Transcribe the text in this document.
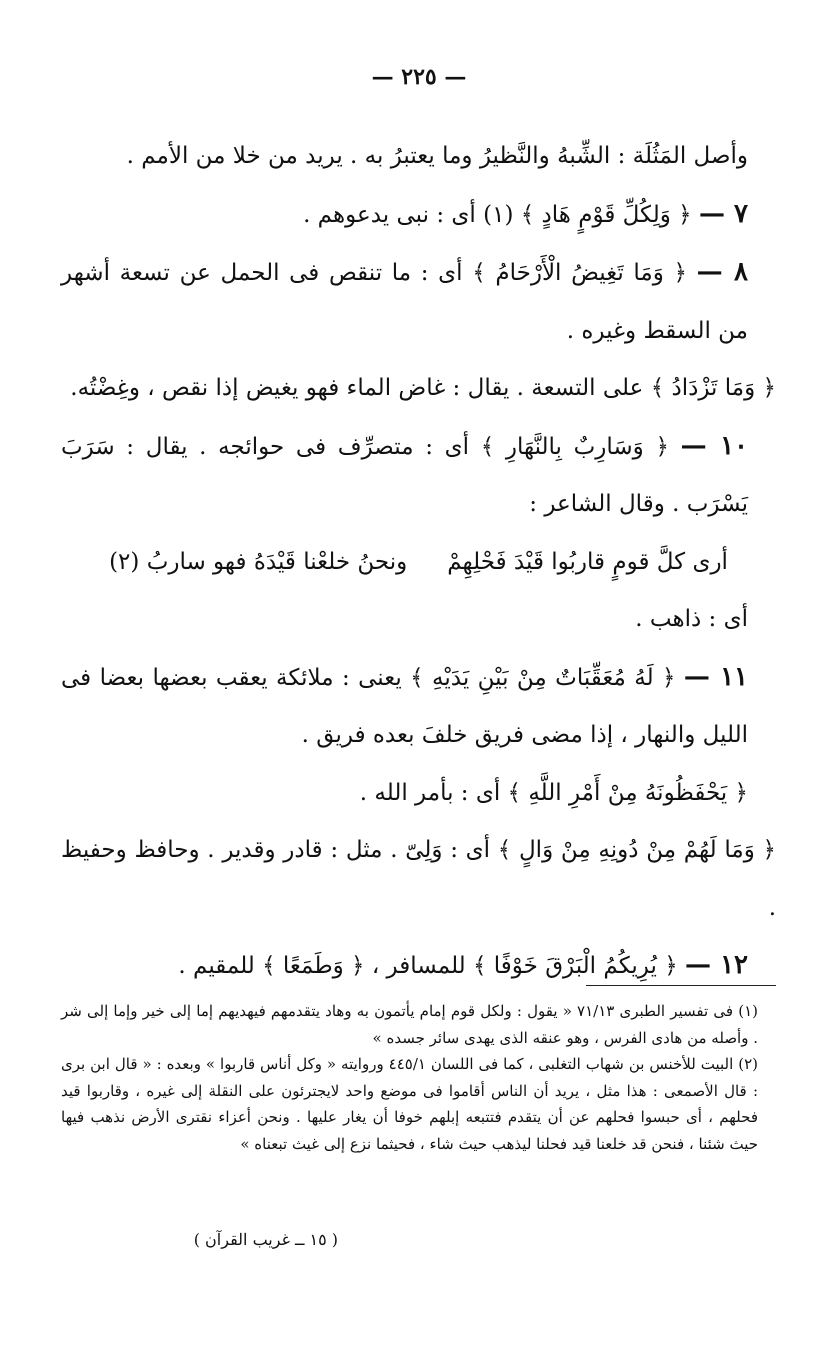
— ٢٢٥ —

وأصل المَثُلَة : الشِّبهُ والنَّظيرُ وما يعتبرُ به . يريد من خلا من الأمم .

٧ — ﴿ وَلِكُلِّ قَوْمٍ هَادٍ ﴾ (١) أى : نبى يدعوهم .

٨ — ﴿ وَمَا تَغِيضُ الْأَرْحَامُ ﴾ أى : ما تنقص فى الحمل عن تسعة أشهر من السقط وغيره .

﴿ وَمَا تَزْدَادُ ﴾ على التسعة . يقال : غاض الماء فهو يغيض إذا نقص ، وغِضْتُه.

١٠ — ﴿ وَسَارِبٌ بِالنَّهَارِ ﴾ أى : متصرِّف فى حوائجه . يقال : سَرَبَ يَسْرَب . وقال الشاعر :

أرى كلَّ قومٍ قاربُوا قَيْدَ فَحْلِهِمْ
ونحنُ خلعْنا قَيْدَهُ فهو ساربُ (٢)

أى : ذاهب .

١١ — ﴿ لَهُ مُعَقِّبَاتٌ مِنْ بَيْنِ يَدَيْهِ ﴾ يعنى : ملائكة يعقب بعضها بعضا فى الليل والنهار ، إذا مضى فريق خلفَ بعده فريق .

﴿ يَحْفَظُونَهُ مِنْ أَمْرِ اللَّهِ ﴾ أى : بأمر الله .

﴿ وَمَا لَهُمْ مِنْ دُونِهِ مِنْ وَالٍ ﴾ أى : وَلِىّ . مثل : قادر وقدير . وحافظ وحفيظ .

١٢ — ﴿ يُرِيكُمُ الْبَرْقَ خَوْفًا ﴾ للمسافر ، ﴿ وَطَمَعًا ﴾ للمقيم .

(١) فى تفسير الطبرى ٧١/١٣ « يقول : ولكل قوم إمام يأتمون به وهاد يتقدمهم فيهديهم إما إلى خير وإما إلى شر . وأصله من هادى الفرس ، وهو عنقه الذى يهدى سائر جسده »

(٢) البيت للأخنس بن شهاب التغلبى ، كما فى اللسان ٤٤٥/١ وروايته « وكل أناس قاربوا » وبعده : « قال ابن برى : قال الأصمعى : هذا مثل ، يريد أن الناس أقاموا فى موضع واحد لايجترئون على النقلة إلى غيره ، وقاربوا قيد فحلهم ، أى حبسوا فحلهم عن أن يتقدم فتتبعه إبلهم خوفا أن يغار عليها . ونحن أعزاء نقترى الأرض نذهب فيها حيث شئنا ، فنحن قد خلعنا قيد فحلنا ليذهب حيث شاء ، فحيثما نزع إلى غيث تبعناه »

( ١٥ ــ غريب القرآن )
